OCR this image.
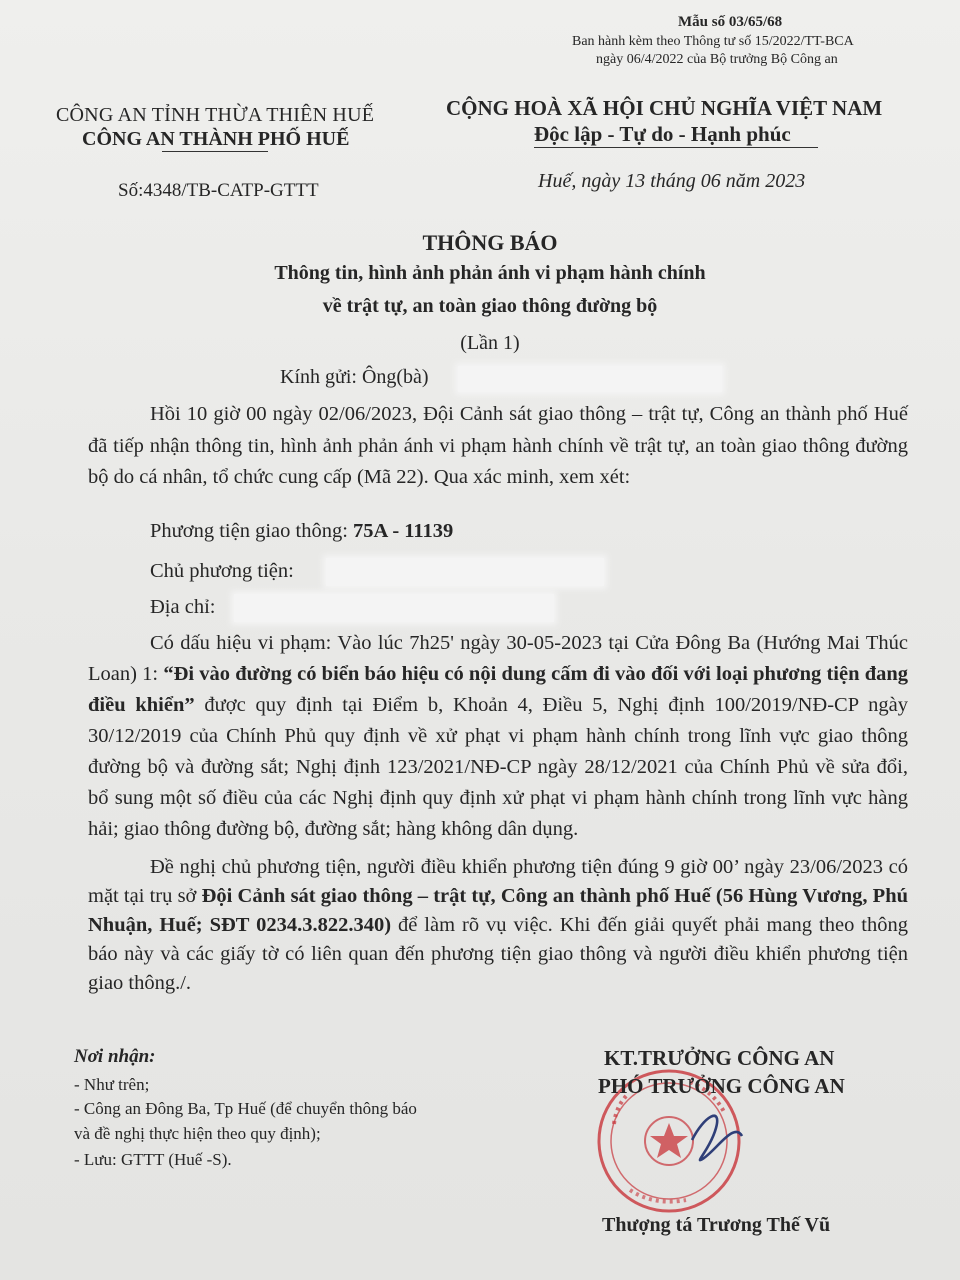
Mẫu số 03/65/68
Ban hành kèm theo Thông tư số 15/2022/TT-BCA
ngày 06/4/2022 của Bộ trưởng Bộ Công an
CÔNG AN TỈNH THỪA THIÊN HUẾ
CÔNG AN THÀNH PHỐ HUẾ
Số:4348/TB-CATP-GTTT
CỘNG HOÀ XÃ HỘI CHỦ NGHĨA VIỆT NAM
Độc lập - Tự do - Hạnh phúc
Huế, ngày 13 tháng 06 năm 2023
THÔNG BÁO
Thông tin, hình ảnh phản ánh vi phạm hành chính
về trật tự, an toàn giao thông đường bộ
(Lần 1)
Kính gửi: Ông(bà)
Hồi 10 giờ 00 ngày 02/06/2023, Đội Cảnh sát giao thông – trật tự, Công an thành phố Huế đã tiếp nhận thông tin, hình ảnh phản ánh vi phạm hành chính về trật tự, an toàn giao thông đường bộ do cá nhân, tổ chức cung cấp (Mã 22). Qua xác minh, xem xét:
Phương tiện giao thông: 75A - 11139
Chủ phương tiện:
Địa chỉ:
Có dấu hiệu vi phạm: Vào lúc 7h25' ngày 30-05-2023 tại Cửa Đông Ba (Hướng Mai Thúc Loan) 1: “Đi vào đường có biển báo hiệu có nội dung cấm đi vào đối với loại phương tiện đang điều khiển” được quy định tại Điểm b, Khoản 4, Điều 5, Nghị định 100/2019/NĐ-CP ngày 30/12/2019 của Chính Phủ quy định về xử phạt vi phạm hành chính trong lĩnh vực giao thông đường bộ và đường sắt; Nghị định 123/2021/NĐ-CP ngày 28/12/2021 của Chính Phủ về sửa đổi, bổ sung một số điều của các Nghị định quy định xử phạt vi phạm hành chính trong lĩnh vực hàng hải; giao thông đường bộ, đường sắt; hàng không dân dụng.
Đề nghị chủ phương tiện, người điều khiển phương tiện đúng 9 giờ 00’ ngày 23/06/2023 có mặt tại trụ sở Đội Cảnh sát giao thông – trật tự, Công an thành phố Huế (56 Hùng Vương, Phú Nhuận, Huế; SĐT 0234.3.822.340) để làm rõ vụ việc. Khi đến giải quyết phải mang theo thông báo này và các giấy tờ có liên quan đến phương tiện giao thông và người điều khiển phương tiện giao thông./.
Nơi nhận:
- Như trên;
- Công an Đông Ba, Tp Huế (để chuyển thông báo
và đề nghị thực hiện theo quy định);
- Lưu: GTTT (Huế -S).
KT.TRƯỞNG CÔNG AN
PHÓ TRƯỞNG CÔNG AN
Thượng tá Trương Thế Vũ
